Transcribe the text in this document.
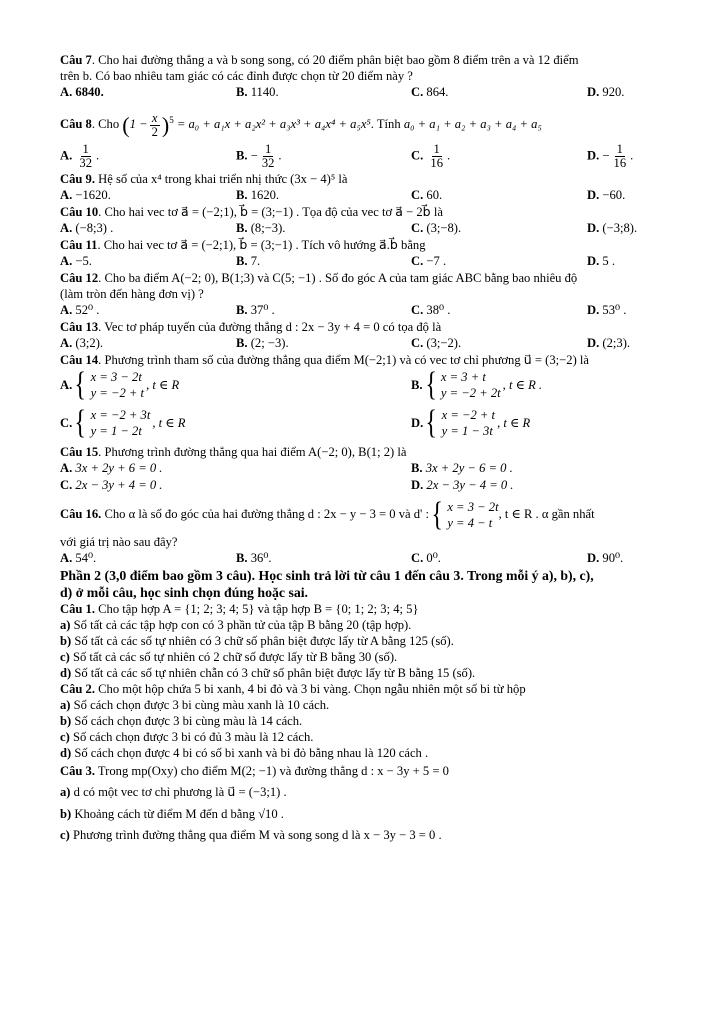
Câu 7. Cho hai đường thẳng a và b song song, có 20 điểm phân biệt bao gồm 8 điểm trên a và 12 điểm
trên b. Có bao nhiêu tam giác có các đỉnh được chọn từ 20 điểm này ?
A. 6840.	B. 1140.	C. 864.	D. 920.
Câu 8. Cho $(1 - \frac{x}{2} )^5 = a_0 + a_1x + a_2x^2 + a_3x^3 + a_4x^4 + a_5x^5$. Tính a₀ + a₁ + a₂ + a₃ + a₄ + a₅
A. $\frac{1}{32}$ .	B. − $\frac{1}{32}$ .	C. $\frac{1}{16}$ .	D. − $\frac{1}{16}$ .
Câu 9. Hệ số của x⁴ trong khai triển nhị thức (3x − 4)⁵ là
A. −1620.	B. 1620.	C. 60.	D. −60.
Câu 10. Cho hai vec tơ a⃗ = (−2;1), b⃗ = (3;−1) . Tọa độ của vec tơ a⃗ − 2b⃗ là
A. (−8;3) .	B. (8;−3).	C. (3;−8).	D. (−3;8).
Câu 11. Cho hai vec tơ a⃗ = (−2;1), b⃗ = (3;−1) . Tích vô hướng a⃗.b⃗ bằng
A. −5.	B. 7.	C. −7 .	D. 5 .
Câu 12. Cho ba điểm A(−2; 0), B(1;3) và C(5; −1) . Số đo góc A của tam giác ABC bằng bao nhiêu độ
(làm tròn đến hàng đơn vị) ?
A. 52⁰ .	B. 37⁰ .	C. 38⁰ .	D. 53⁰ .
Câu 13. Vec tơ pháp tuyến của đường thẳng d : 2x − 3y + 4 = 0 có tọa độ là
A. (3;2).	B. (2; −3).	C. (3;−2).	D. (2;3).
Câu 14. Phương trình tham số của đường thẳng qua điểm M(−2;1) và có vec tơ chỉ phương u⃗ = (3;−2) là
A. { x = 3 − 2t
y = −2 + t
, t ∈ R	B. { x = 3 + t
y = −2 + 2t
, t ∈ R .
C. { x = −2 + 3t
y = 1 − 2t
, t ∈ R	D. { x = −2 + t
y = 1 − 3t
, t ∈ R
Câu 15. Phương trình đường thẳng qua hai điểm A(−2; 0), B(1; 2) là
A. 3x + 2y + 6 = 0 .	B. 3x + 2y − 6 = 0 .
C. 2x − 3y + 4 = 0 .	D. 2x − 3y − 4 = 0 .
Câu 16. Cho α là số đo góc của hai đường thẳng d : 2x − y − 3 = 0 và d' : { x = 3 − 2t
y = 4 − t
, t ∈ R . α gần nhất
với giá trị nào sau đây?
A. 54⁰.	B. 36⁰.	C. 0⁰.	D. 90⁰.
Phần 2 (3,0 điểm bao gồm 3 câu). Học sinh trả lời từ câu 1 đến câu 3. Trong mỗi ý a), b), c),
d) ở mỗi câu, học sinh chọn đúng hoặc sai.
Câu 1. Cho tập hợp A = {1; 2; 3; 4; 5} và tập hợp B = {0; 1; 2; 3; 4; 5}
a) Số tất cả các tập hợp con có 3 phần tử của tập B bằng 20 (tập hợp).
b) Số tất cả các số tự nhiên có 3 chữ số phân biệt được lấy từ A bằng 125 (số).
c) Số tất cả các số tự nhiên có 2 chữ số được lấy từ B bằng 30 (số).
d) Số tất cả các số tự nhiên chẵn có 3 chữ số phân biệt được lấy từ B bằng 15 (số).
Câu 2. Cho một hộp chứa 5 bi xanh, 4 bi đỏ và 3 bi vàng. Chọn ngẫu nhiên một số bi từ hộp
a) Số cách chọn được 3 bi cùng màu xanh là 10 cách.
b) Số cách chọn được 3 bi cùng màu là 14 cách.
c) Số cách chọn được 3 bi có đủ 3 màu là 12 cách.
d) Số cách chọn được 4 bi có số bi xanh và bi đỏ bằng nhau là 120 cách .
Câu 3. Trong mp(Oxy) cho điểm M(2; −1) và đường thẳng d : x − 3y + 5 = 0
a) d có một vec tơ chỉ phương là u⃗ = (−3;1) .
b) Khoảng cách từ điểm M đến d bằng √10 .
c) Phương trình đường thẳng qua điểm M và song song d là x − 3y − 3 = 0 .
